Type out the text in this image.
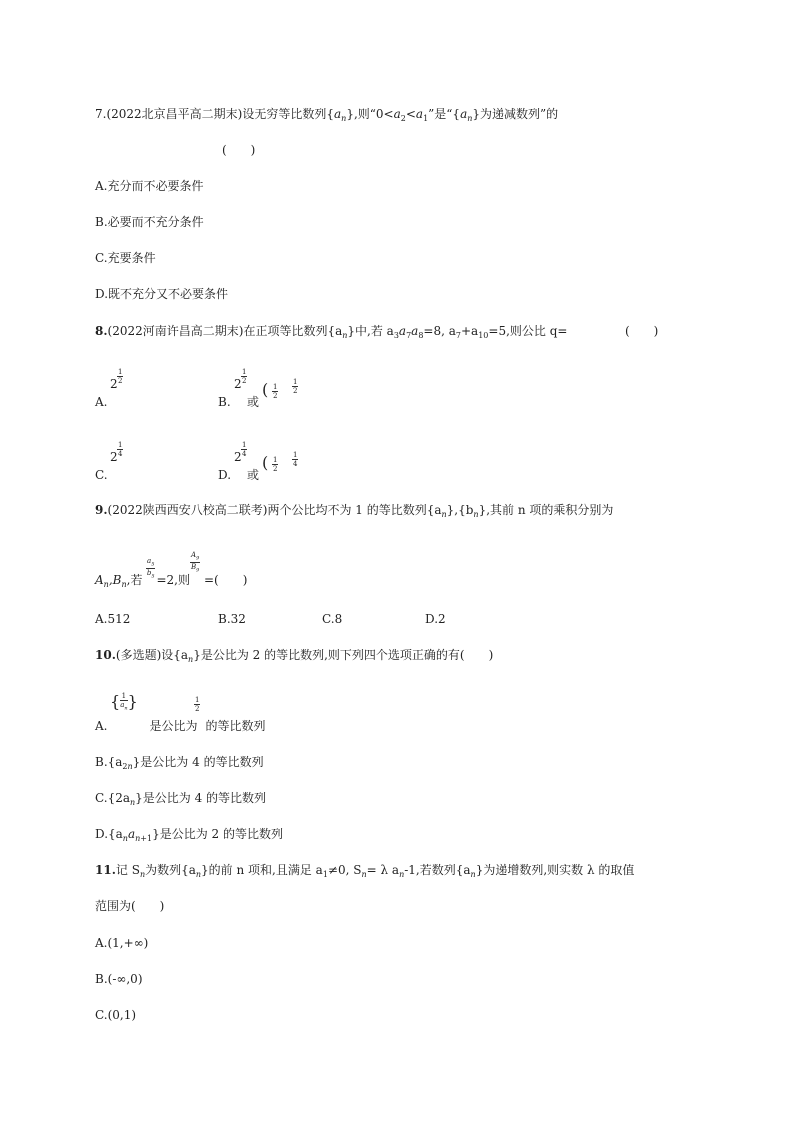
7.(2022北京昌平高二期末)设无穷等比数列$\{a_n\}$,则“$0<a_2<a_1$”是“$\{a_n\}$为递减数列”的
(　　)
A.充分而不必要条件
B.必要而不充分条件
C.充要条件
D.既不充分又不必要条件
8.(2022河南许昌高二期末)在正项等比数列$\{a_n\}$中,若 $a_3a_7a_8=8$, $a_7+a_{10}=5$,则公比 q=	(　　)
A.
$2 \frac{1}{2}$
B.
$2 \frac{1}{2}$
或
( $\frac{1}{2} \frac{1}{2}$
C.
$2 \frac{1}{4}$
D.
$2 \frac{1}{4}$
或
( $\frac{1}{2} \frac{1}{4}$
9.(2022陕西西安八校高二联考)两个公比均不为 1 的等比数列$\{a_n\},\{b_n\}$,其前 n 项的乘积分别为
$A_n,B_n$,若 =2,则 =(　　)
$\frac{a_5}{b_5}$	$\frac{A_9}{B_9}$
A.512	B.32	C.8	D.2
10.(多选题)设$\{a_n\}$是公比为 2 的等比数列,则下列四个选项正确的有(　　)
A.	是公比为 的等比数列
{ $\frac{1}{a_n}$ }	$\frac{1}{2}$
$B.\{a_{2n}\}$是公比为 4 的等比数列
$C.\{2a_n\}$是公比为 4 的等比数列
$D.\{a_na_{n+1}\}$是公比为 2 的等比数列
11.记 $S_n$为数列$\{a_n\}$的前 n 项和,且满足 $a_1\ne 0$, $S_n= \lambda$ $a_n-1$,若数列$\{a_n\}$为递增数列,则实数 λ 的取值
范围为(　　)
A.(1,+∞)
B.(-∞,0)
C.(0,1)
